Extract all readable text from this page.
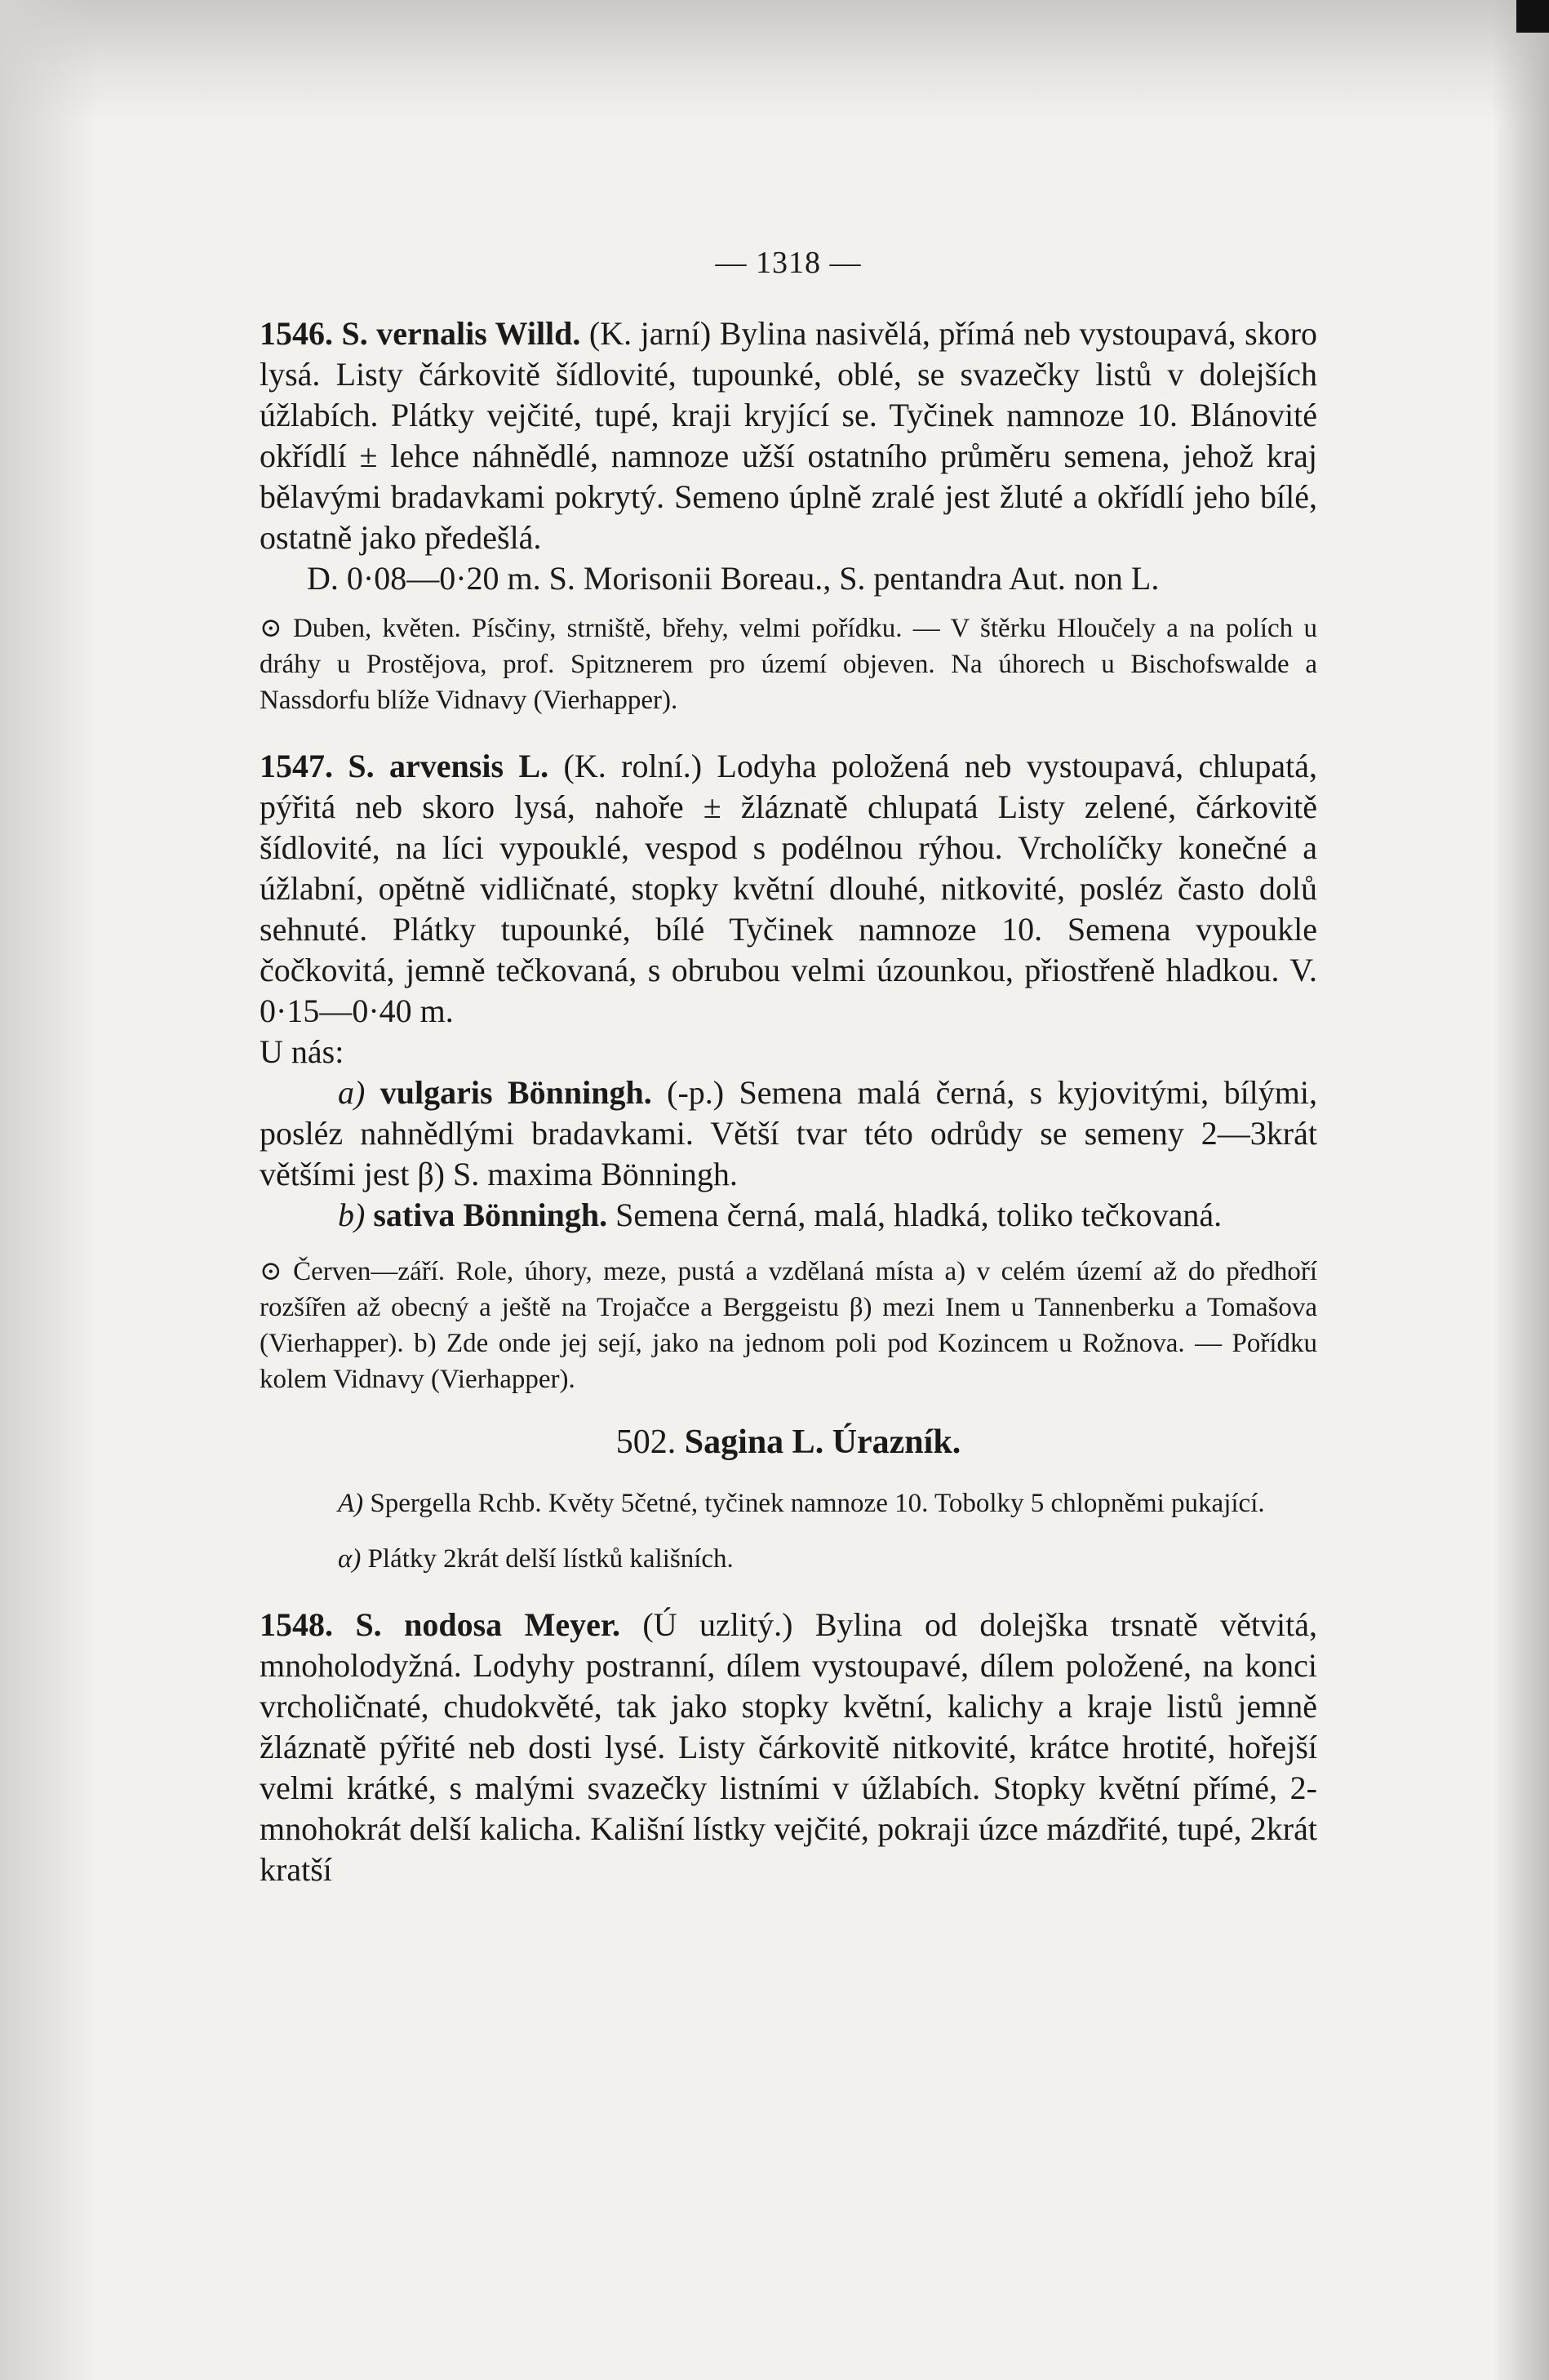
— 1318 —

1546. S. vernalis Willd. (K. jarní) Bylina nasivělá, přímá neb vystoupavá, skoro lysá. Listy čárkovitě šídlovité, tupounké, oblé, se svazečky listů v dolejších úžlabích. Plátky vejčité, tupé, kraji kryjící se. Tyčinek namnoze 10. Blánovité okřídlí ± lehce náhnědlé, namnoze užší ostatního průměru semena, jehož kraj bělavými bradavkami pokrytý. Semeno úplně zralé jest žluté a okřídlí jeho bílé, ostatně jako předešlá.

D. 0·08—0·20 m. S. Morisonii Boreau., S. pentandra Aut. non L.

⊙ Duben, květen. Písčiny, strniště, břehy, velmi pořídku. — V štěrku Hloučely a na polích u dráhy u Prostějova, prof. Spitznerem pro území objeven. Na úhorech u Bischofswalde a Nassdorfu blíže Vidnavy (Vierhapper).

1547. S. arvensis L. (K. rolní.) Lodyha položená neb vystoupavá, chlupatá, pýřitá neb skoro lysá, nahoře ± žláznatě chlupatá Listy zelené, čárkovitě šídlovité, na líci vypouklé, vespod s podélnou rýhou. Vrcholíčky konečné a úžlabní, opětně vidličnaté, stopky květní dlouhé, nitkovité, posléz často dolů sehnuté. Plátky tupounké, bílé Tyčinek namnoze 10. Semena vypoukle čočkovitá, jemně tečkovaná, s obrubou velmi úzounkou, přiostřeně hladkou. V. 0·15—0·40 m.

U nás:

a) vulgaris Bönningh. (-p.) Semena malá černá, s kyjovitými, bílými, posléz nahnědlými bradavkami. Větší tvar této odrůdy se semeny 2—3krát většími jest β) S. maxima Bönningh.

b) sativa Bönningh. Semena černá, malá, hladká, toliko tečkovaná.

⊙ Červen—září. Role, úhory, meze, pustá a vzdělaná místa a) v celém území až do předhoří rozšířen až obecný a ještě na Trojačce a Berggeistu β) mezi Inem u Tannenberku a Tomašova (Vierhapper). b) Zde onde jej sejí, jako na jednom poli pod Kozincem u Rožnova. — Pořídku kolem Vidnavy (Vierhapper).

502. Sagina L. Úrazník.

A) Spergella Rchb. Květy 5četné, tyčinek namnoze 10. Tobolky 5 chlopněmi pukající.

α) Plátky 2krát delší lístků kališních.

1548. S. nodosa Meyer. (Ú uzlitý.) Bylina od dolejška trsnatě větvitá, mnoholodyžná. Lodyhy postranní, dílem vystoupavé, dílem položené, na konci vrcholičnaté, chudokvěté, tak jako stopky květní, kalichy a kraje listů jemně žláznatě pýřité neb dosti lysé. Listy čárkovitě nitkovité, krátce hrotité, hořejší velmi krátké, s malými svazečky listními v úžlabích. Stopky květní přímé, 2-mnohokrát delší kalicha. Kališní lístky vejčité, pokraji úzce mázdřité, tupé, 2krát kratší
